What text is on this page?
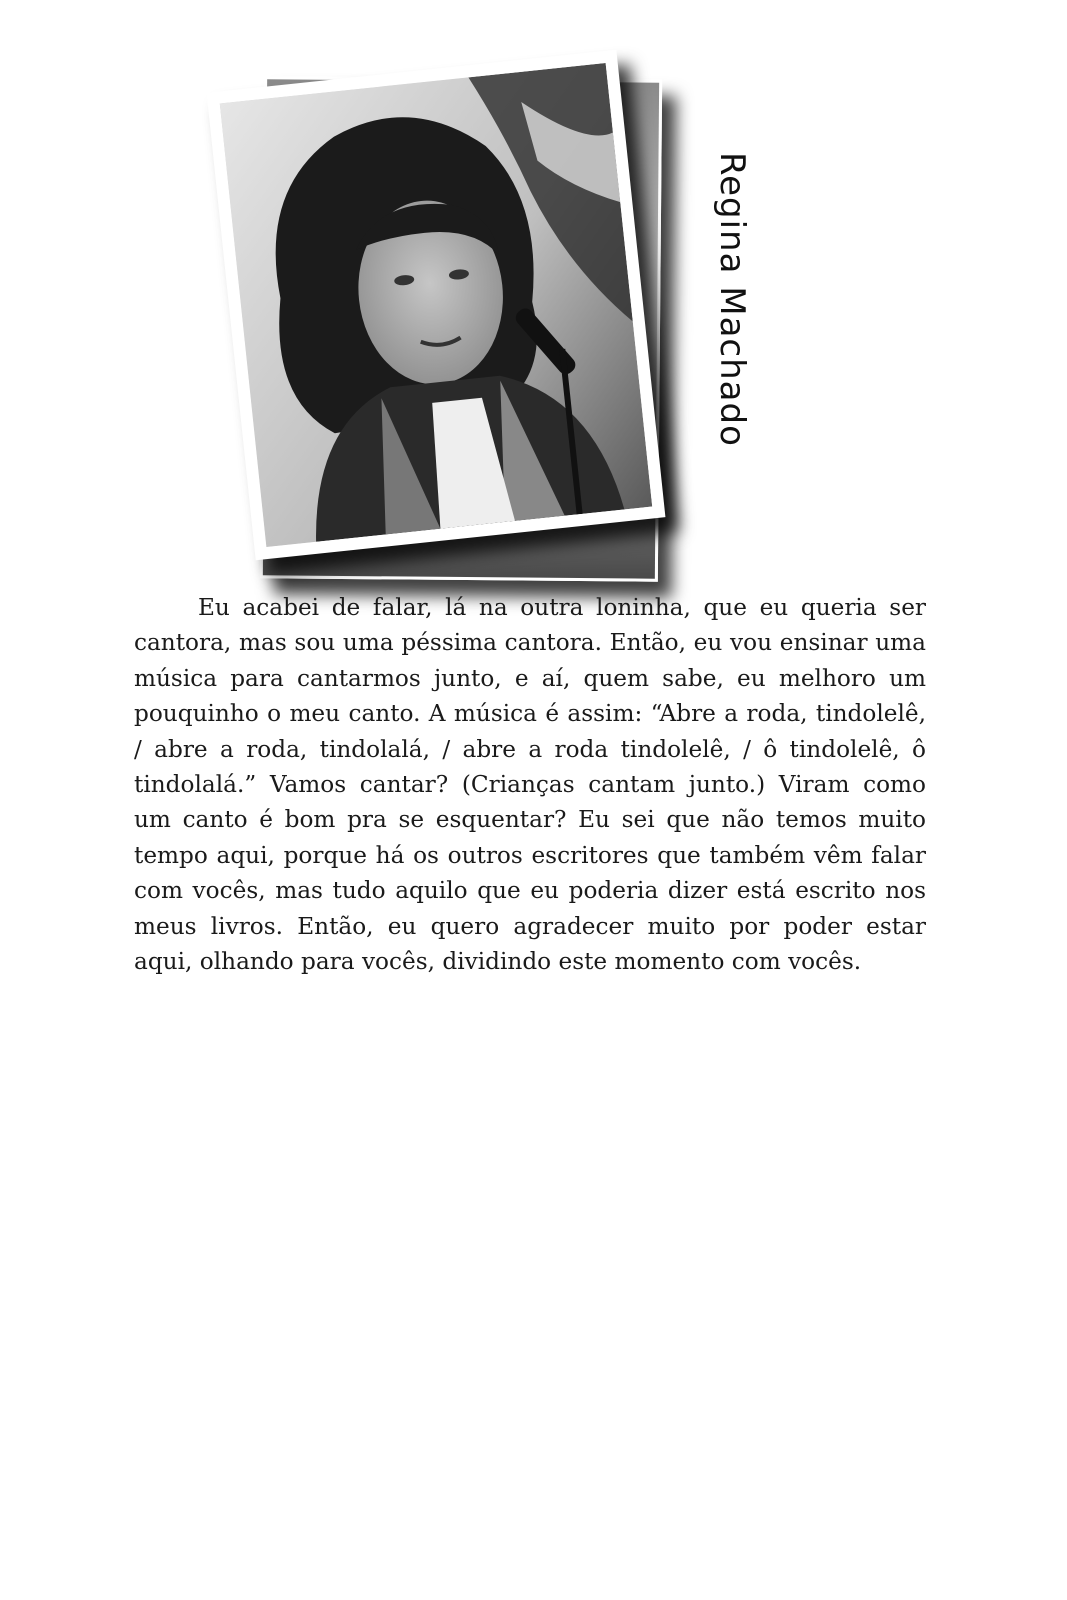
Regina Machado

Eu acabei de falar, lá na outra loninha, que eu queria ser cantora, mas sou uma péssima cantora. Então, eu vou ensinar uma música para cantarmos junto, e aí, quem sabe, eu melhoro um pouquinho o meu canto. A música é assim: “Abre a roda, tindolelê, / abre a roda, tindolalá, / abre a roda tindolelê, / ô tindolelê, ô tindolalá.” Vamos cantar? (Crianças cantam junto.) Viram como um canto é bom pra se esquentar? Eu sei que não temos muito tempo aqui, porque há os outros escritores que também vêm falar com vocês, mas tudo aquilo que eu poderia dizer está escrito nos meus livros. Então, eu quero agradecer muito por poder estar aqui, olhando para vocês, dividindo este momento com vocês.
